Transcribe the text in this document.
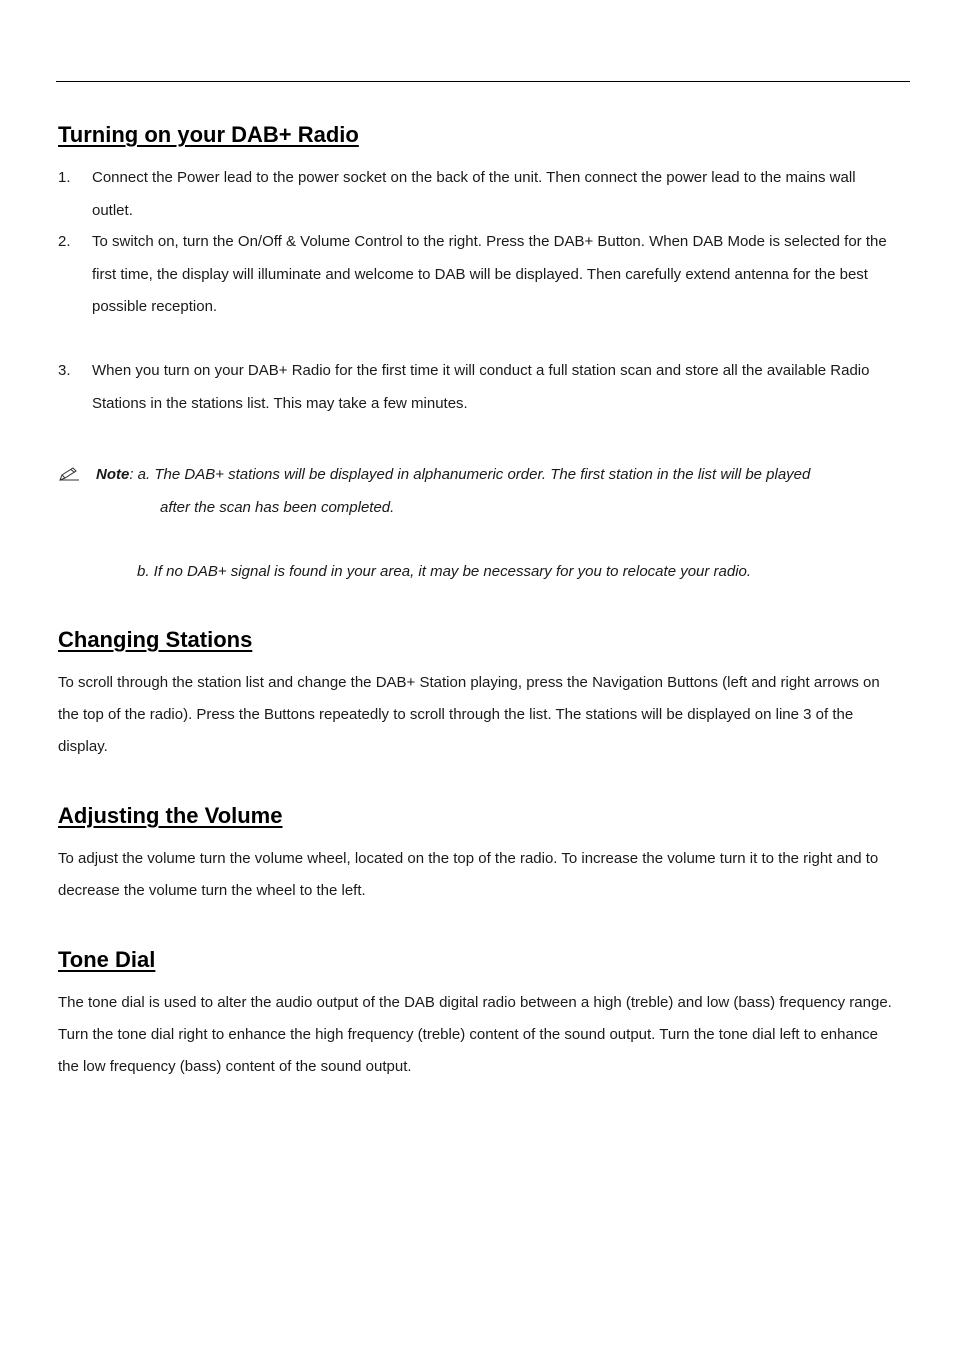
Turning on your DAB+ Radio
1.	Connect the Power lead to the power socket on the back of the unit. Then connect the power lead to the mains wall outlet.
2.	To switch on, turn the On/Off & Volume Control to the right. Press the DAB+ Button. When DAB Mode is selected for the first time, the display will illuminate and welcome to DAB will be displayed. Then carefully extend antenna for the best possible reception.
3.	When you turn on your DAB+ Radio for the first time it will conduct a full station scan and store all the available Radio Stations in the stations list. This may take a few minutes.
Note: a. The DAB+ stations will be displayed in alphanumeric order. The first station in the list will be played
after the scan has been completed.
b. If no DAB+ signal is found in your area, it may be necessary for you to relocate your radio.
Changing Stations

To scroll through the station list and change the DAB+ Station playing, press the Navigation Buttons (left and right arrows on the top of the radio). Press the Buttons repeatedly to scroll through the list. The stations will be displayed on line 3 of the display.

Adjusting the Volume

To adjust the volume turn the volume wheel, located on the top of the radio. To increase the volume turn it to the right and to decrease the volume turn the wheel to the left.

Tone Dial

The tone dial is used to alter the audio output of the DAB digital radio between a high (treble) and low (bass) frequency range. Turn the tone dial right to enhance the high frequency (treble) content of the sound output. Turn the tone dial left to enhance the low frequency (bass) content of the sound output.
